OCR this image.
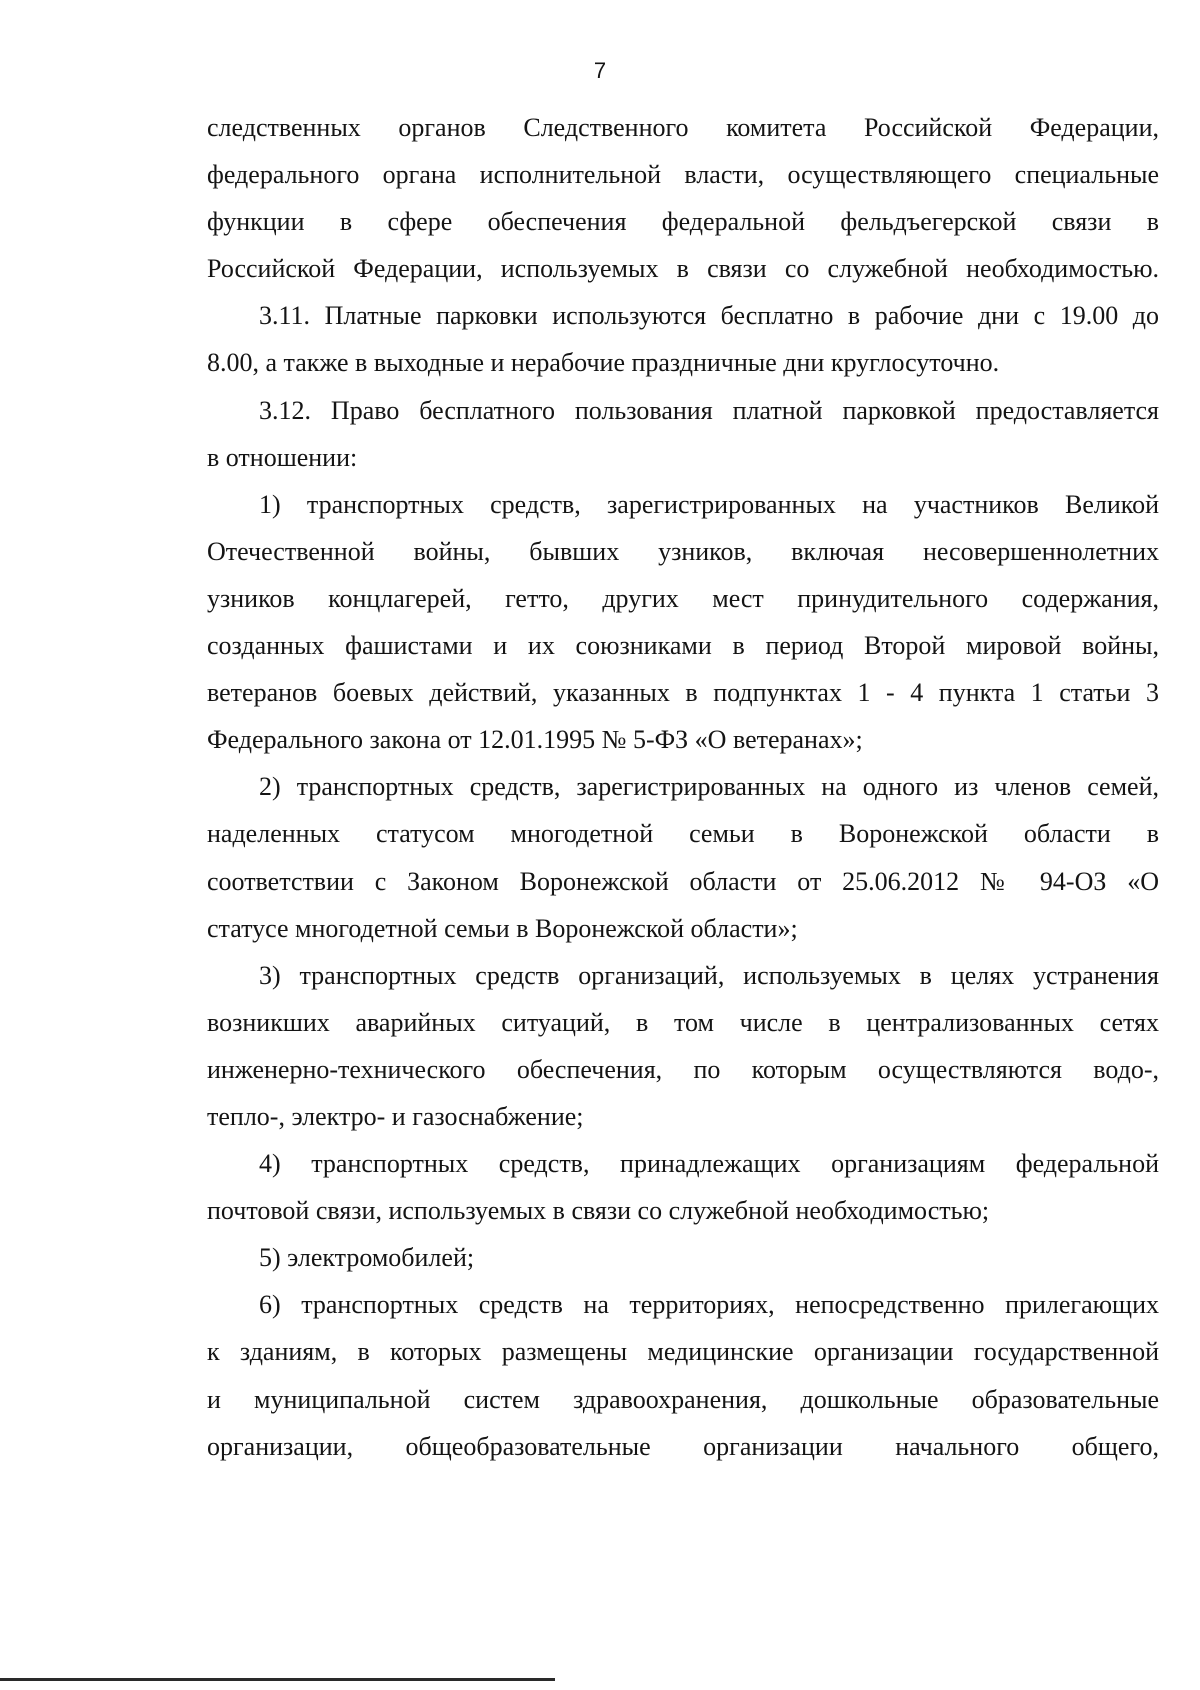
7
следственных органов Следственного комитета Российской Федерации,
федерального органа исполнительной власти, осуществляющего специальные
функции в сфере обеспечения федеральной фельдъегерской связи в
Российской Федерации, используемых в связи со служебной необходимостью.
3.11. Платные парковки используются бесплатно в рабочие дни с 19.00 до
8.00, а также в выходные и нерабочие праздничные дни круглосуточно.
3.12. Право бесплатного пользования платной парковкой предоставляется
в отношении:
1) транспортных средств, зарегистрированных на участников Великой
Отечественной войны, бывших узников, включая несовершеннолетних
узников концлагерей, гетто, других мест принудительного содержания,
созданных фашистами и их союзниками в период Второй мировой войны,
ветеранов боевых действий, указанных в подпунктах 1 - 4 пункта 1 статьи 3
Федерального закона от 12.01.1995 № 5-ФЗ «О ветеранах»;
2) транспортных средств, зарегистрированных на одного из членов семей,
наделенных статусом многодетной семьи в Воронежской области в
соответствии с Законом Воронежской области от 25.06.2012 № 94-ОЗ «О
статусе многодетной семьи в Воронежской области»;
3) транспортных средств организаций, используемых в целях устранения
возникших аварийных ситуаций, в том числе в централизованных сетях
инженерно-технического обеспечения, по которым осуществляются водо-,
тепло-, электро- и газоснабжение;
4) транспортных средств, принадлежащих организациям федеральной
почтовой связи, используемых в связи со служебной необходимостью;
5) электромобилей;
6) транспортных средств на территориях, непосредственно прилегающих
к зданиям, в которых размещены медицинские организации государственной
и муниципальной систем здравоохранения, дошкольные образовательные
организации, общеобразовательные организации начального общего,
